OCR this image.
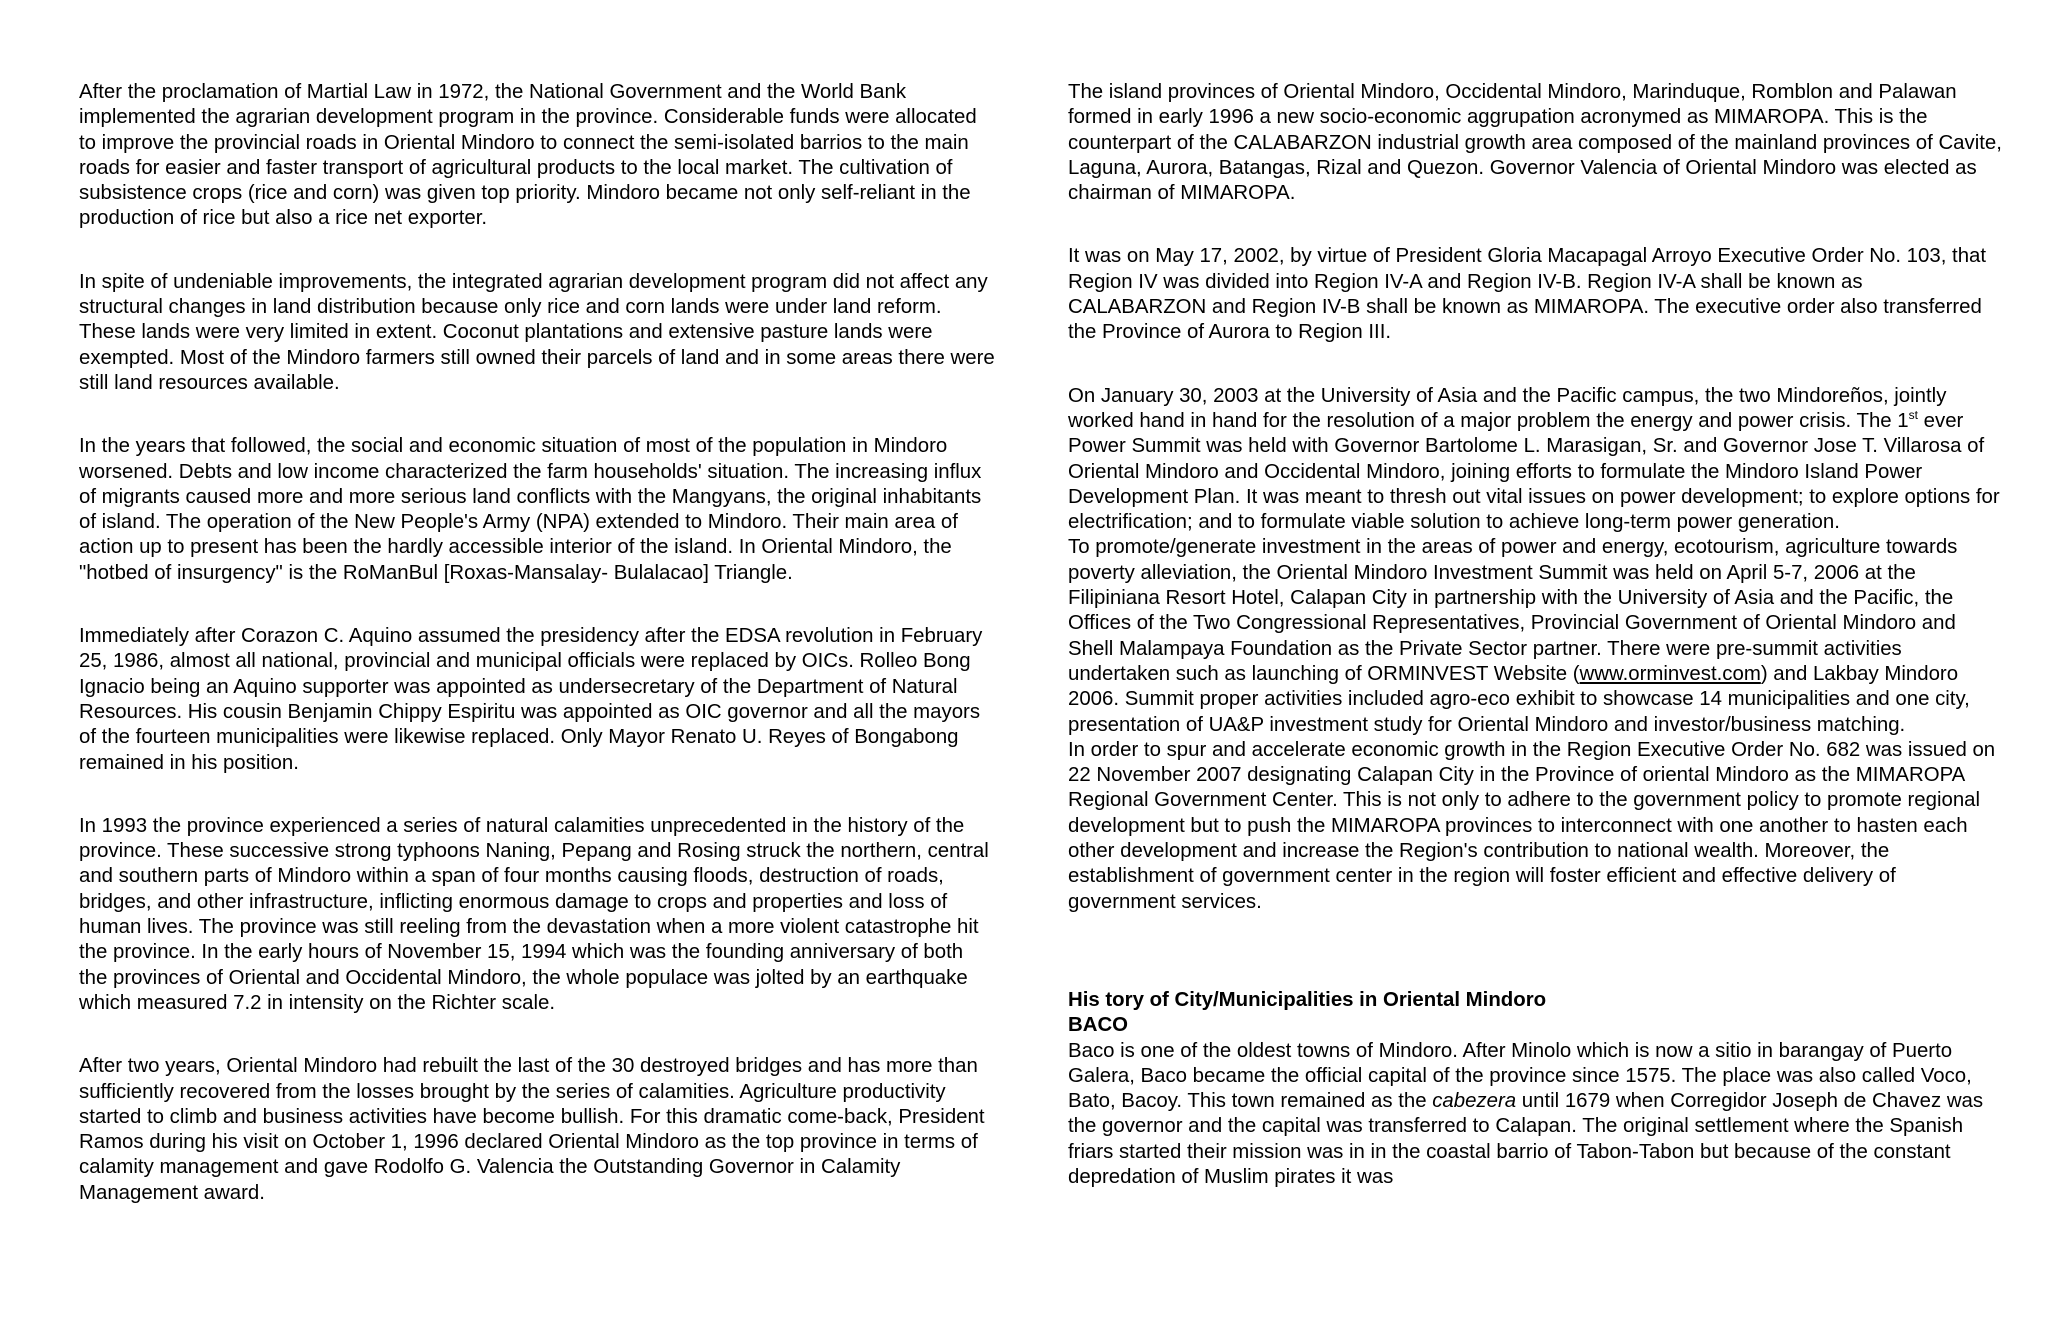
After the proclamation of Martial Law in 1972, the National Government and the World Bank implemented the agrarian development program in the province. Considerable funds were allocated to improve the provincial roads in Oriental Mindoro to connect the semi-isolated barrios to the main roads for easier and faster transport of agricultural products to the local market. The cultivation of subsistence crops (rice and corn) was given top priority. Mindoro became not only self-reliant in the production of rice but also a rice net exporter.

In spite of undeniable improvements, the integrated agrarian development program did not affect any structural changes in land distribution because only rice and corn lands were under land reform. These lands were very limited in extent. Coconut plantations and extensive pasture lands were exempted. Most of the Mindoro farmers still owned their parcels of land and in some areas there were still land resources available.

In the years that followed, the social and economic situation of most of the population in Mindoro worsened. Debts and low income characterized the farm households' situation. The increasing influx of migrants caused more and more serious land conflicts with the Mangyans, the original inhabitants of island. The operation of the New People's Army (NPA) extended to Mindoro. Their main area of action up to present has been the hardly accessible interior of the island. In Oriental Mindoro, the "hotbed of insurgency" is the RoManBul [Roxas-Mansalay- Bulalacao] Triangle.

Immediately after Corazon C. Aquino assumed the presidency after the EDSA revolution in February 25, 1986, almost all national, provincial and municipal officials were replaced by OICs. Rolleo Bong Ignacio being an Aquino supporter was appointed as undersecretary of the Department of Natural Resources. His cousin Benjamin Chippy Espiritu was appointed as OIC governor and all the mayors of the fourteen municipalities were likewise replaced. Only Mayor Renato U. Reyes of Bongabong remained in his position.

In 1993 the province experienced a series of natural calamities unprecedented in the history of the province. These successive strong typhoons Naning, Pepang and Rosing struck the northern, central and southern parts of Mindoro within a span of four months causing floods, destruction of roads, bridges, and other infrastructure, inflicting enormous damage to crops and properties and loss of human lives. The province was still reeling from the devastation when a more violent catastrophe hit the province. In the early hours of November 15, 1994 which was the founding anniversary of both the provinces of Oriental and Occidental Mindoro, the whole populace was jolted by an earthquake which measured 7.2 in intensity on the Richter scale.

After two years, Oriental Mindoro had rebuilt the last of the 30 destroyed bridges and has more than sufficiently recovered from the losses brought by the series of calamities. Agriculture productivity started to climb and business activities have become bullish. For this dramatic come-back, President Ramos during his visit on October 1, 1996 declared Oriental Mindoro as the top province in terms of calamity management and gave Rodolfo G. Valencia the Outstanding Governor in Calamity Management award.

The island provinces of Oriental Mindoro, Occidental Mindoro, Marinduque, Romblon and Palawan formed in early 1996 a new socio-economic aggrupation acronymed as MIMAROPA. This is the counterpart of the CALABARZON industrial growth area composed of the mainland provinces of Cavite, Laguna, Aurora, Batangas, Rizal and Quezon. Governor Valencia of Oriental Mindoro was elected as chairman of MIMAROPA.

It was on May 17, 2002, by virtue of President Gloria Macapagal Arroyo Executive Order No. 103, that Region IV was divided into Region IV-A and Region IV-B. Region IV-A shall be known as CALABARZON and Region IV-B shall be known as MIMAROPA. The executive order also transferred the Province of Aurora to Region III.

On January 30, 2003 at the University of Asia and the Pacific campus, the two Mindoreños, jointly worked hand in hand for the resolution of a major problem the energy and power crisis. The 1st ever Power Summit was held with Governor Bartolome L. Marasigan, Sr. and Governor Jose T. Villarosa of Oriental Mindoro and Occidental Mindoro, joining efforts to formulate the Mindoro Island Power Development Plan. It was meant to thresh out vital issues on power development; to explore options for electrification; and to formulate viable solution to achieve long-term power generation.

To promote/generate investment in the areas of power and energy, ecotourism, agriculture towards poverty alleviation, the Oriental Mindoro Investment Summit was held on April 5-7, 2006 at the Filipiniana Resort Hotel, Calapan City in partnership with the University of Asia and the Pacific, the Offices of the Two Congressional Representatives, Provincial Government of Oriental Mindoro and Shell Malampaya Foundation as the Private Sector partner. There were pre-summit activities undertaken such as launching of ORMINVEST Website (www.orminvest.com) and Lakbay Mindoro 2006. Summit proper activities included agro-eco exhibit to showcase 14 municipalities and one city, presentation of UA&P investment study for Oriental Mindoro and investor/business matching.

In order to spur and accelerate economic growth in the Region Executive Order No. 682 was issued on 22 November 2007 designating Calapan City in the Province of oriental Mindoro as the MIMAROPA Regional Government Center. This is not only to adhere to the government policy to promote regional development but to push the MIMAROPA provinces to interconnect with one another to hasten each other development and increase the Region's contribution to national wealth. Moreover, the establishment of government center in the region will foster efficient and effective delivery of government services.

His tory of City/Municipalities in Oriental Mindoro

BACO

Baco is one of the oldest towns of Mindoro. After Minolo which is now a sitio in barangay of Puerto Galera, Baco became the official capital of the province since 1575. The place was also called Voco, Bato, Bacoy. This town remained as the cabezera until 1679 when Corregidor Joseph de Chavez was the governor and the capital was transferred to Calapan. The original settlement where the Spanish friars started their mission was in in the coastal barrio of Tabon-Tabon but because of the constant depredation of Muslim pirates it was
